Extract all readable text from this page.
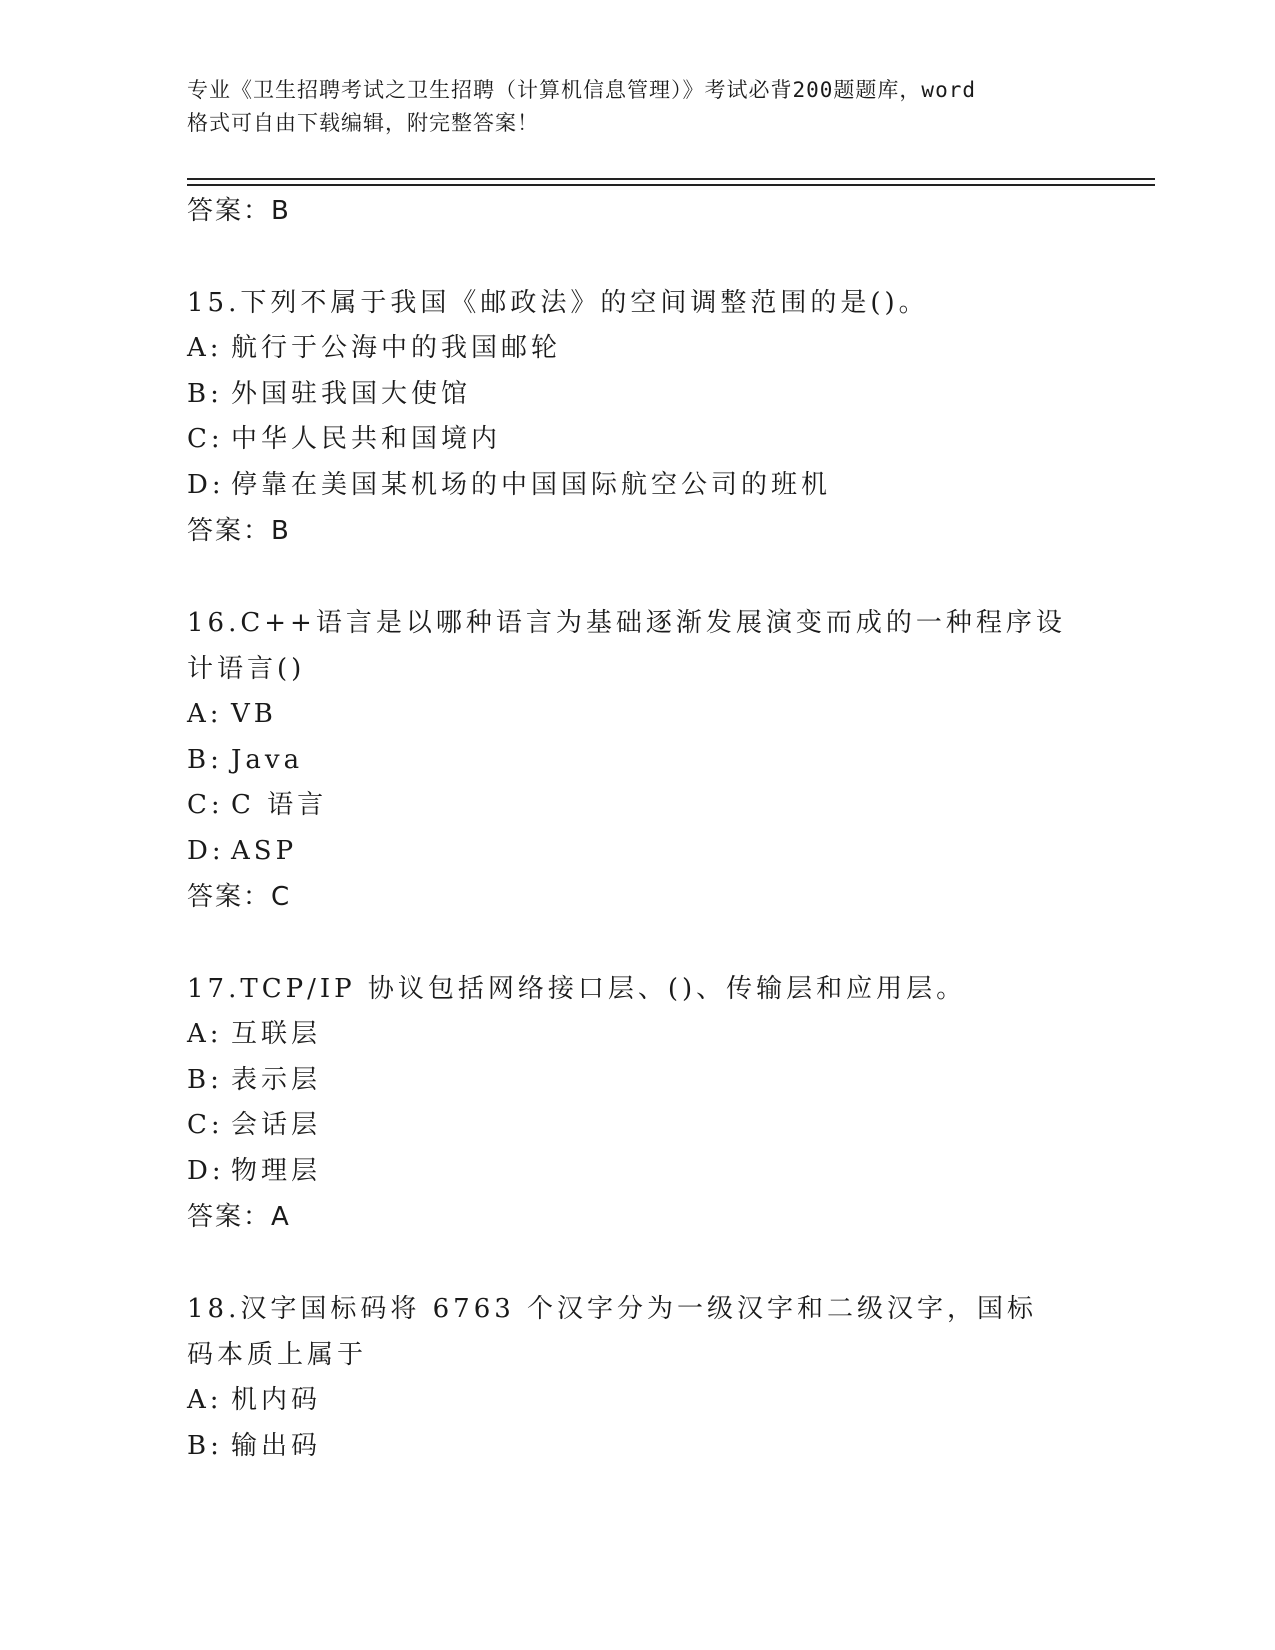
专业《卫生招聘考试之卫生招聘（计算机信息管理）》考试必背200题题库，word
格式可自由下载编辑，附完整答案！
答案：B
15.下列不属于我国《邮政法》的空间调整范围的是()。
A: 航行于公海中的我国邮轮
B: 外国驻我国大使馆
C: 中华人民共和国境内
D: 停靠在美国某机场的中国国际航空公司的班机
答案：B
16.C++语言是以哪种语言为基础逐渐发展演变而成的一种程序设计语言()
A: VB
B: Java
C: C 语言
D: ASP
答案：C
17.TCP/IP 协议包括网络接口层、()、传输层和应用层。
A: 互联层
B: 表示层
C: 会话层
D: 物理层
答案：A
18.汉字国标码将 6763 个汉字分为一级汉字和二级汉字，国标码本质上属于
A: 机内码
B: 输出码
